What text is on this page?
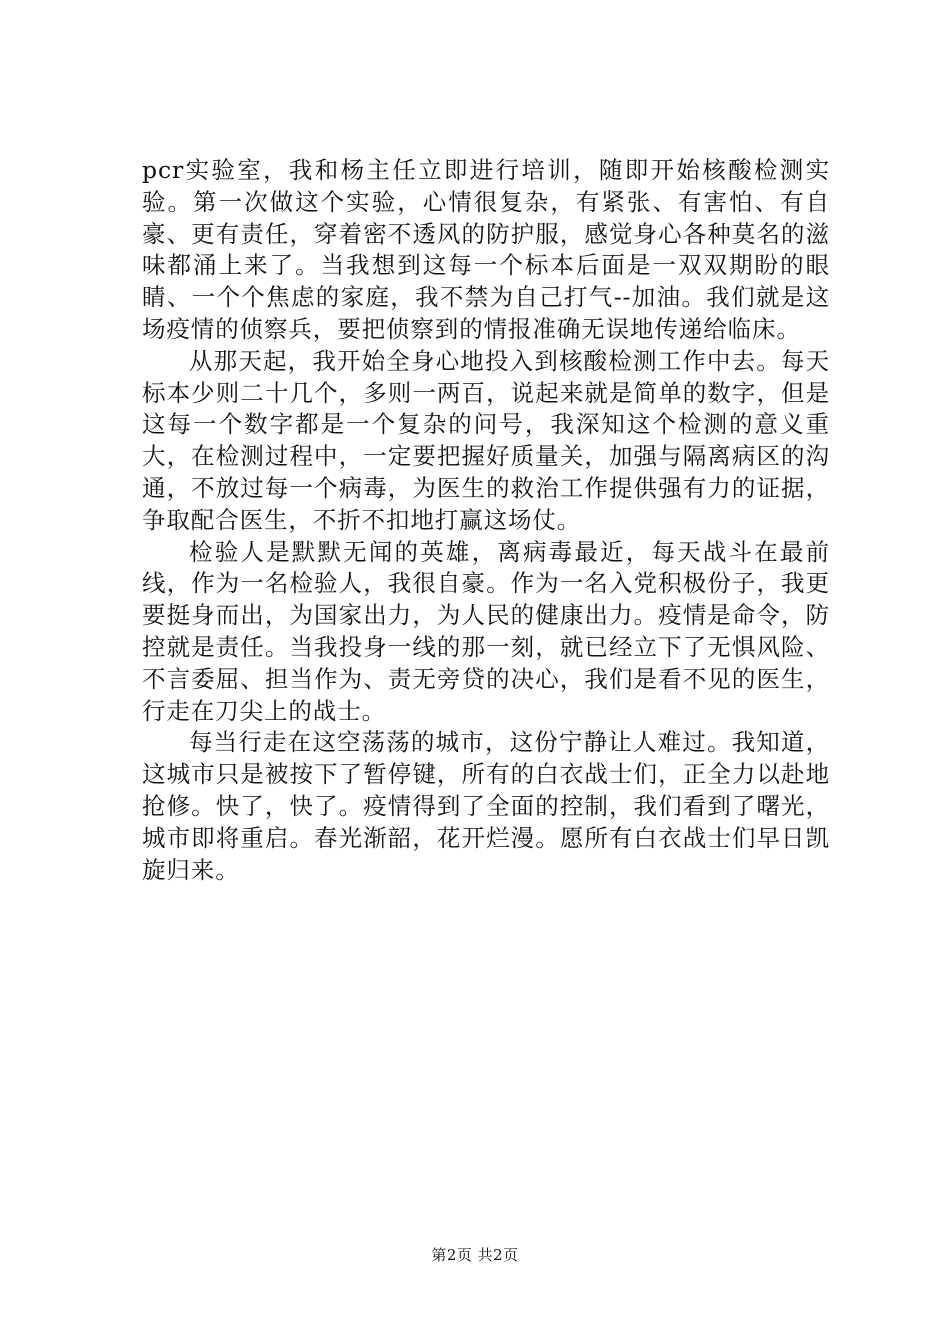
pcr实验室，我和杨主任立即进行培训，随即开始核酸检测实验。第一次做这个实验，心情很复杂，有紧张、有害怕、有自豪、更有责任，穿着密不透风的防护服，感觉身心各种莫名的滋味都涌上来了。当我想到这每一个标本后面是一双双期盼的眼睛、一个个焦虑的家庭，我不禁为自己打气--加油。我们就是这场疫情的侦察兵，要把侦察到的情报准确无误地传递给临床。

从那天起，我开始全身心地投入到核酸检测工作中去。每天标本少则二十几个，多则一两百，说起来就是简单的数字，但是这每一个数字都是一个复杂的问号，我深知这个检测的意义重大，在检测过程中，一定要把握好质量关，加强与隔离病区的沟通，不放过每一个病毒，为医生的救治工作提供强有力的证据，争取配合医生，不折不扣地打赢这场仗。

检验人是默默无闻的英雄，离病毒最近，每天战斗在最前线，作为一名检验人，我很自豪。作为一名入党积极份子，我更要挺身而出，为国家出力，为人民的健康出力。疫情是命令，防控就是责任。当我投身一线的那一刻，就已经立下了无惧风险、不言委屈、担当作为、责无旁贷的决心，我们是看不见的医生，行走在刀尖上的战士。

每当行走在这空荡荡的城市，这份宁静让人难过。我知道，这城市只是被按下了暂停键，所有的白衣战士们，正全力以赴地抢修。快了，快了。疫情得到了全面的控制，我们看到了曙光，城市即将重启。春光渐韶，花开烂漫。愿所有白衣战士们早日凯旋归来。

第2页 共2页
